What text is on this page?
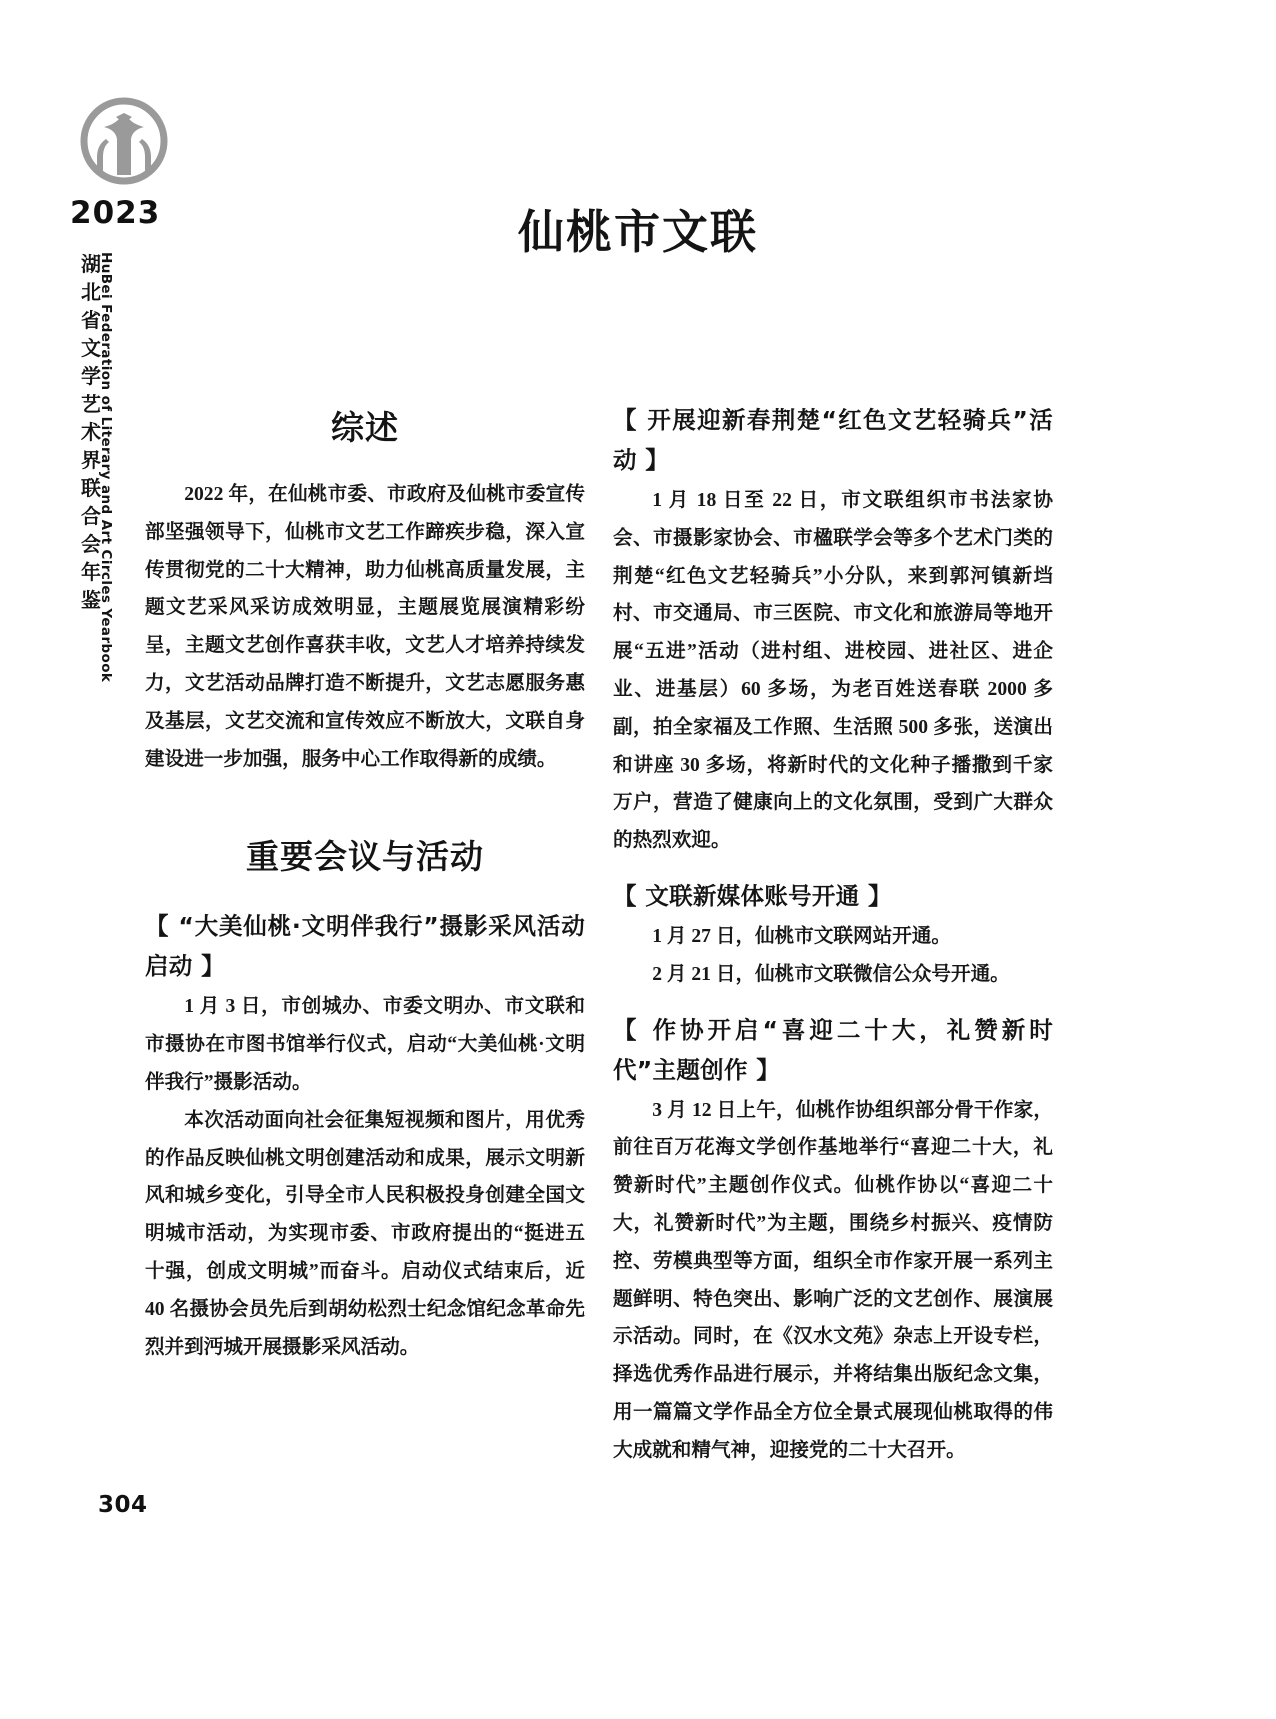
2023
湖
北
省
文
学
艺
术
界
联
合
会
年
鉴
HuBei Federation of Literary and Art Circles Yearbook
仙桃市文联
综述

2022 年，在仙桃市委、市政府及仙桃市委宣传部坚强领导下，仙桃市文艺工作蹄疾步稳，深入宣传贯彻党的二十大精神，助力仙桃高质量发展，主题文艺采风采访成效明显，主题展览展演精彩纷呈，主题文艺创作喜获丰收，文艺人才培养持续发力，文艺活动品牌打造不断提升，文艺志愿服务惠及基层，文艺交流和宣传效应不断放大，文联自身建设进一步加强，服务中心工作取得新的成绩。

重要会议与活动
【 “大美仙桃·文明伴我行”摄影采风活动启动 】

1 月 3 日，市创城办、市委文明办、市文联和市摄协在市图书馆举行仪式，启动“大美仙桃·文明伴我行”摄影活动。

本次活动面向社会征集短视频和图片，用优秀的作品反映仙桃文明创建活动和成果，展示文明新风和城乡变化，引导全市人民积极投身创建全国文明城市活动，为实现市委、市政府提出的“挺进五十强，创成文明城”而奋斗。启动仪式结束后，近 40 名摄协会员先后到胡幼松烈士纪念馆纪念革命先烈并到沔城开展摄影采风活动。

【 开展迎新春荆楚“红色文艺轻骑兵”活动 】

1 月 18 日至 22 日，市文联组织市书法家协会、市摄影家协会、市楹联学会等多个艺术门类的荆楚“红色文艺轻骑兵”小分队，来到郭河镇新垱村、市交通局、市三医院、市文化和旅游局等地开展“五进”活动（进村组、进校园、进社区、进企业、进基层）60 多场，为老百姓送春联 2000 多副，拍全家福及工作照、生活照 500 多张，送演出和讲座 30 多场，将新时代的文化种子播撒到千家万户，营造了健康向上的文化氛围，受到广大群众的热烈欢迎。

【 文联新媒体账号开通 】

1 月 27 日，仙桃市文联网站开通。

2 月 21 日，仙桃市文联微信公众号开通。

【 作协开启“喜迎二十大，礼赞新时代”主题创作 】

3 月 12 日上午，仙桃作协组织部分骨干作家，前往百万花海文学创作基地举行“喜迎二十大，礼赞新时代”主题创作仪式。仙桃作协以“喜迎二十大，礼赞新时代”为主题，围绕乡村振兴、疫情防控、劳模典型等方面，组织全市作家开展一系列主题鲜明、特色突出、影响广泛的文艺创作、展演展示活动。同时，在《汉水文苑》杂志上开设专栏，择选优秀作品进行展示，并将结集出版纪念文集，用一篇篇文学作品全方位全景式展现仙桃取得的伟大成就和精气神，迎接党的二十大召开。

304
